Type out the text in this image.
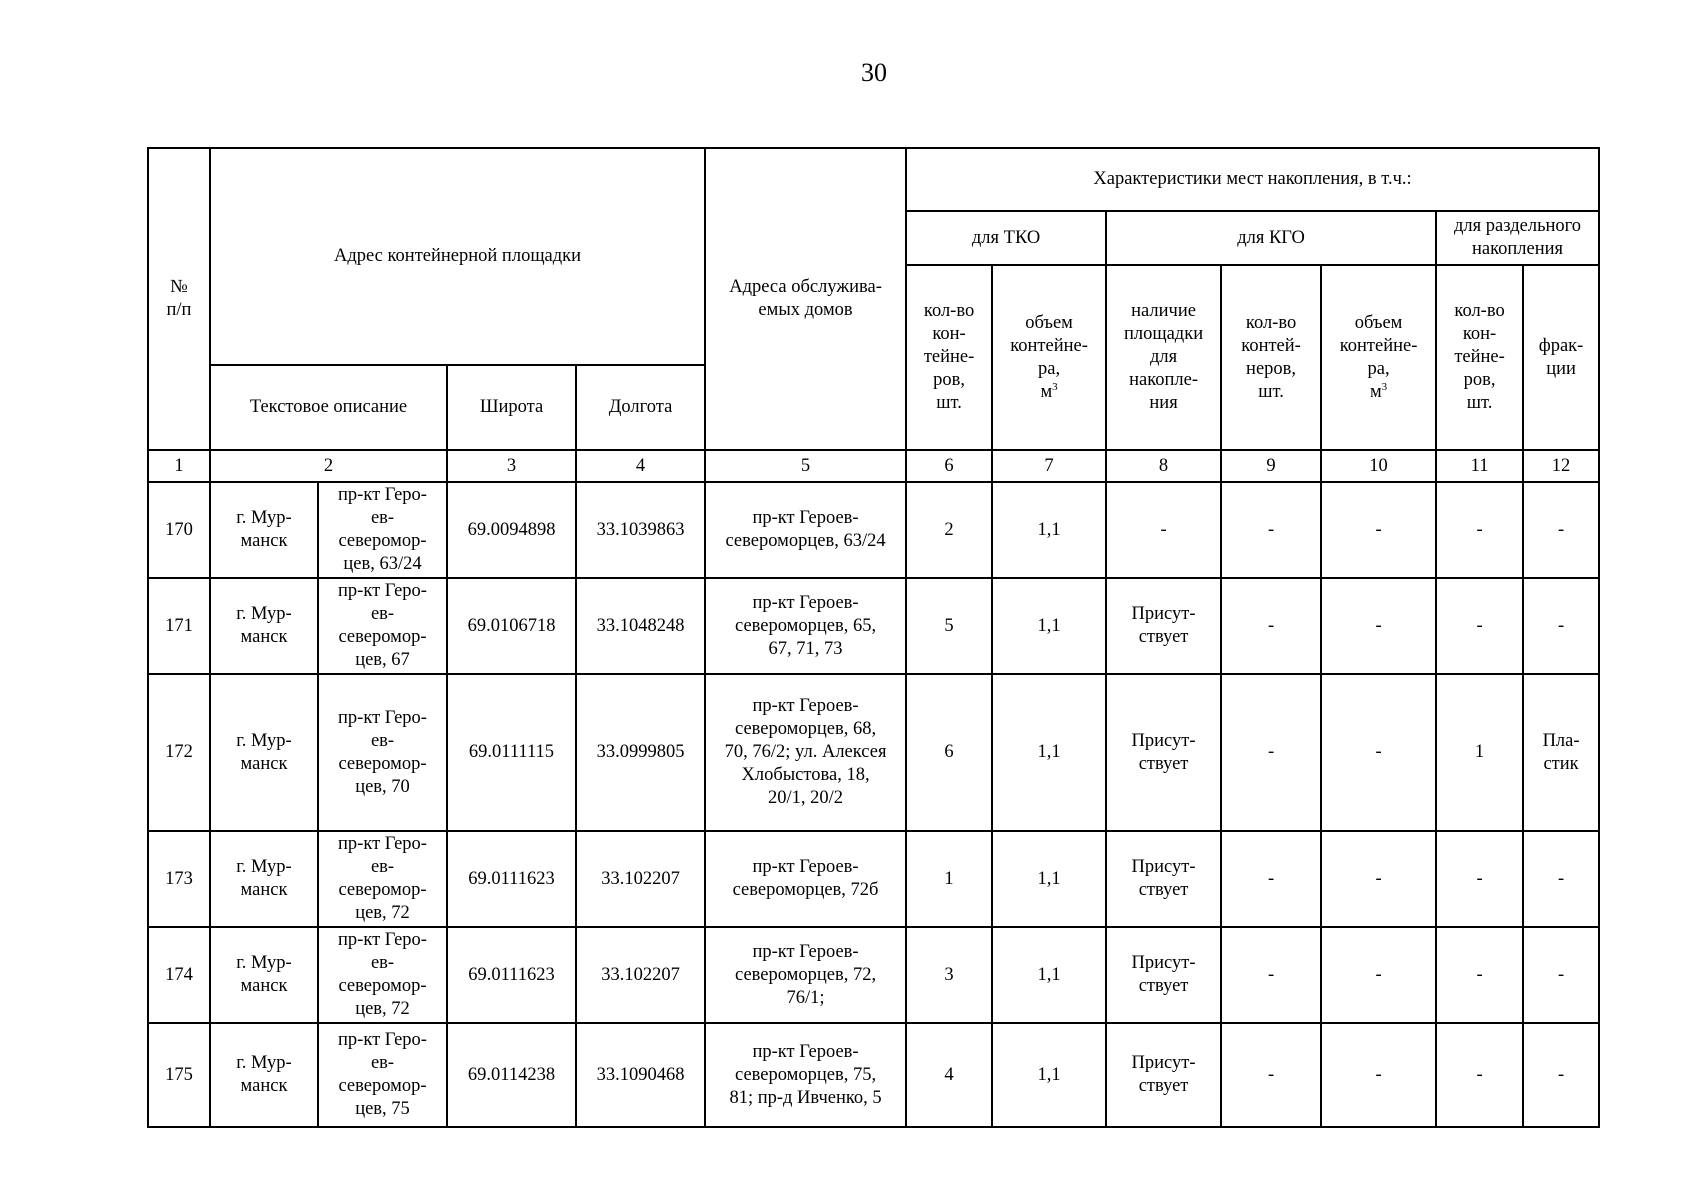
30
№
п/п	Адрес контейнерной площадки				Адреса обслужива-
емых домов	Характеристики мест накопления, в т.ч.:						
						для ТКО		для КГО			для раздельного
накопления	
						кол-во
кон-
тейне-
ров,
шт.	объем
контейне-
ра,
$м^3$	наличие
площадки
для
накопле-
ния	кол-во
контей-
неров,
шт.	объем
контейне-
ра,
$м^3$	кол-во
кон-
тейне-
ров,
шт.	фрак-
ции
	Текстовое описание		Широта	Долгота								
1	2		3	4	5	6	7	8	9	10	11	12
170	г. Мур-
манск	пр-кт Геро-
ев-
северомор-
цев, 63/24	69.0094898	33.1039863	пр-кт Героев-
североморцев, 63/24	2	1,1	-	-	-	-	-
171	г. Мур-
манск	пр-кт Геро-
ев-
северомор-
цев, 67	69.0106718	33.1048248	пр-кт Героев-
североморцев, 65,
67, 71, 73	5	1,1	Присут-
ствует	-	-	-	-
172	г. Мур-
манск	пр-кт Геро-
ев-
северомор-
цев, 70	69.0111115	33.0999805	пр-кт Героев-
североморцев, 68,
70, 76/2; ул. Алексея
Хлобыстова, 18,
20/1, 20/2	6	1,1	Присут-
ствует	-	-	1	Пла-
стик
173	г. Мур-
манск	пр-кт Геро-
ев-
северомор-
цев, 72	69.0111623	33.102207	пр-кт Героев-
североморцев, 72б	1	1,1	Присут-
ствует	-	-	-	-
174	г. Мур-
манск	пр-кт Геро-
ев-
северомор-
цев, 72	69.0111623	33.102207	пр-кт Героев-
североморцев, 72,
76/1;	3	1,1	Присут-
ствует	-	-	-	-
175	г. Мур-
манск	пр-кт Геро-
ев-
северомор-
цев, 75	69.0114238	33.1090468	пр-кт Героев-
североморцев, 75,
81; пр-д Ивченко, 5	4	1,1	Присут-
ствует	-	-	-	-
